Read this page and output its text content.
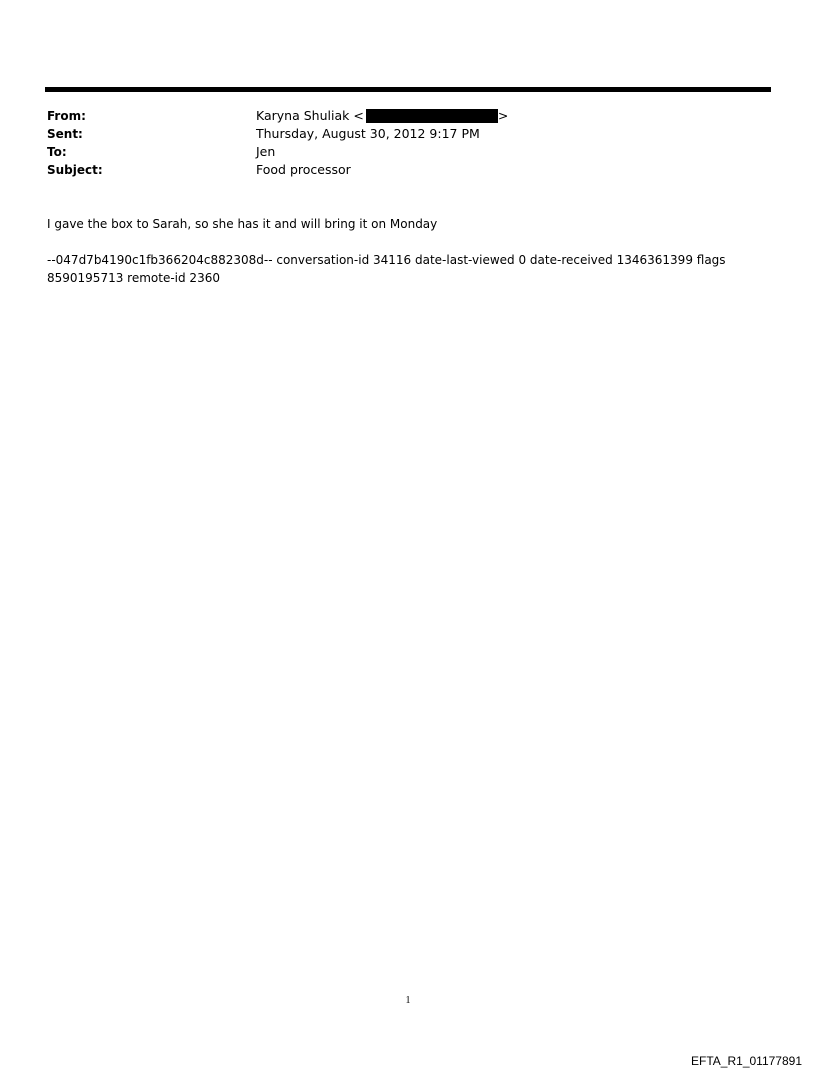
From:	Karyna Shuliak <	>
Sent:	Thursday, August 30, 2012 9:17 PM
To:	Jen
Subject:	Food processor
I gave the box to Sarah, so she has it and will bring it on Monday
--047d7b4190c1fb366204c882308d-- conversation-id 34116 date-last-viewed 0 date-received 1346361399 flags 8590195713 remote-id 2360
1
EFTA_R1_01177891
